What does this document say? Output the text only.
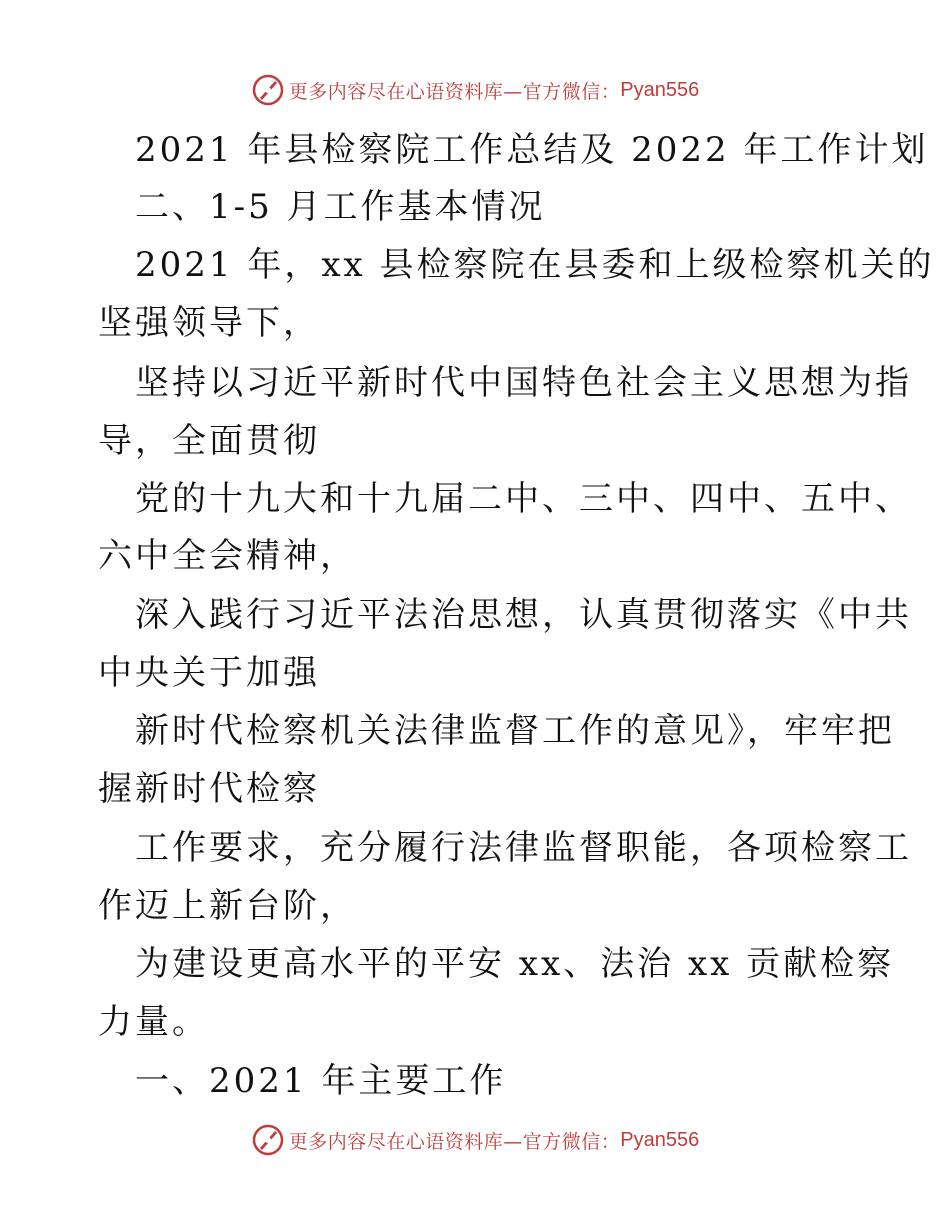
更多内容尽在心语资料库—官方微信： Pyan556
2021 年县检察院工作总结及 2022 年工作计划
二、1-5 月工作基本情况
2021 年，xx 县检察院在县委和上级检察机关的
坚强领导下，
坚持以习近平新时代中国特色社会主义思想为指
导，全面贯彻
党的十九大和十九届二中、三中、四中、五中、
六中全会精神，
深入践行习近平法治思想，认真贯彻落实《中共
中央关于加强
新时代检察机关法律监督工作的意见》，牢牢把
握新时代检察
工作要求，充分履行法律监督职能，各项检察工
作迈上新台阶，
为建设更高水平的平安 xx、法治 xx 贡献检察
力量。
一、2021 年主要工作
更多内容尽在心语资料库—官方微信： Pyan556
